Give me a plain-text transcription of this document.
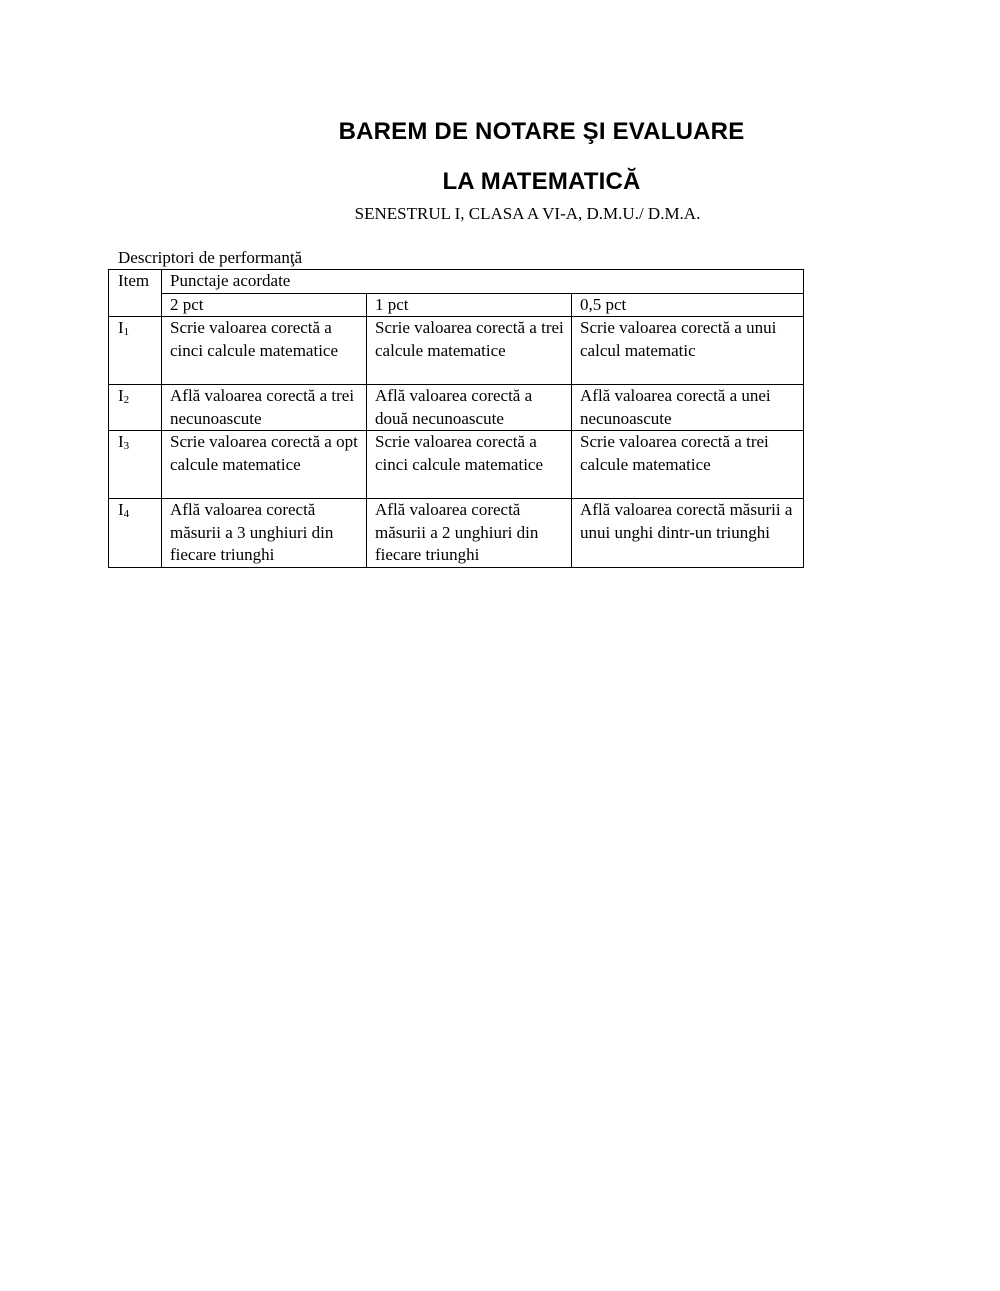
BAREM DE NOTARE ŞI EVALUARE
LA MATEMATICĂ
SENESTRUL I, CLASA A VI-A, D.M.U./ D.M.A.
Descriptori de performanţă
Item	Punctaje acordate		
	2 pct	1 pct	0,5 pct
I1	Scrie valoarea corectă a cinci calcule matematice	Scrie valoarea corectă a trei calcule matematice	Scrie valoarea corectă a unui calcul matematic
I2	Află valoarea corectă a trei necunoascute	Află valoarea corectă a două necunoascute	Află valoarea corectă a unei necunoascute
I3	Scrie valoarea corectă a opt calcule matematice	Scrie valoarea corectă a cinci calcule matematice	Scrie valoarea corectă a trei calcule matematice
I4	Află valoarea corectă măsurii a 3 unghiuri din fiecare triunghi	Află valoarea corectă măsurii a 2 unghiuri din fiecare triunghi	Află valoarea corectă măsurii a unui unghi dintr-un triunghi
